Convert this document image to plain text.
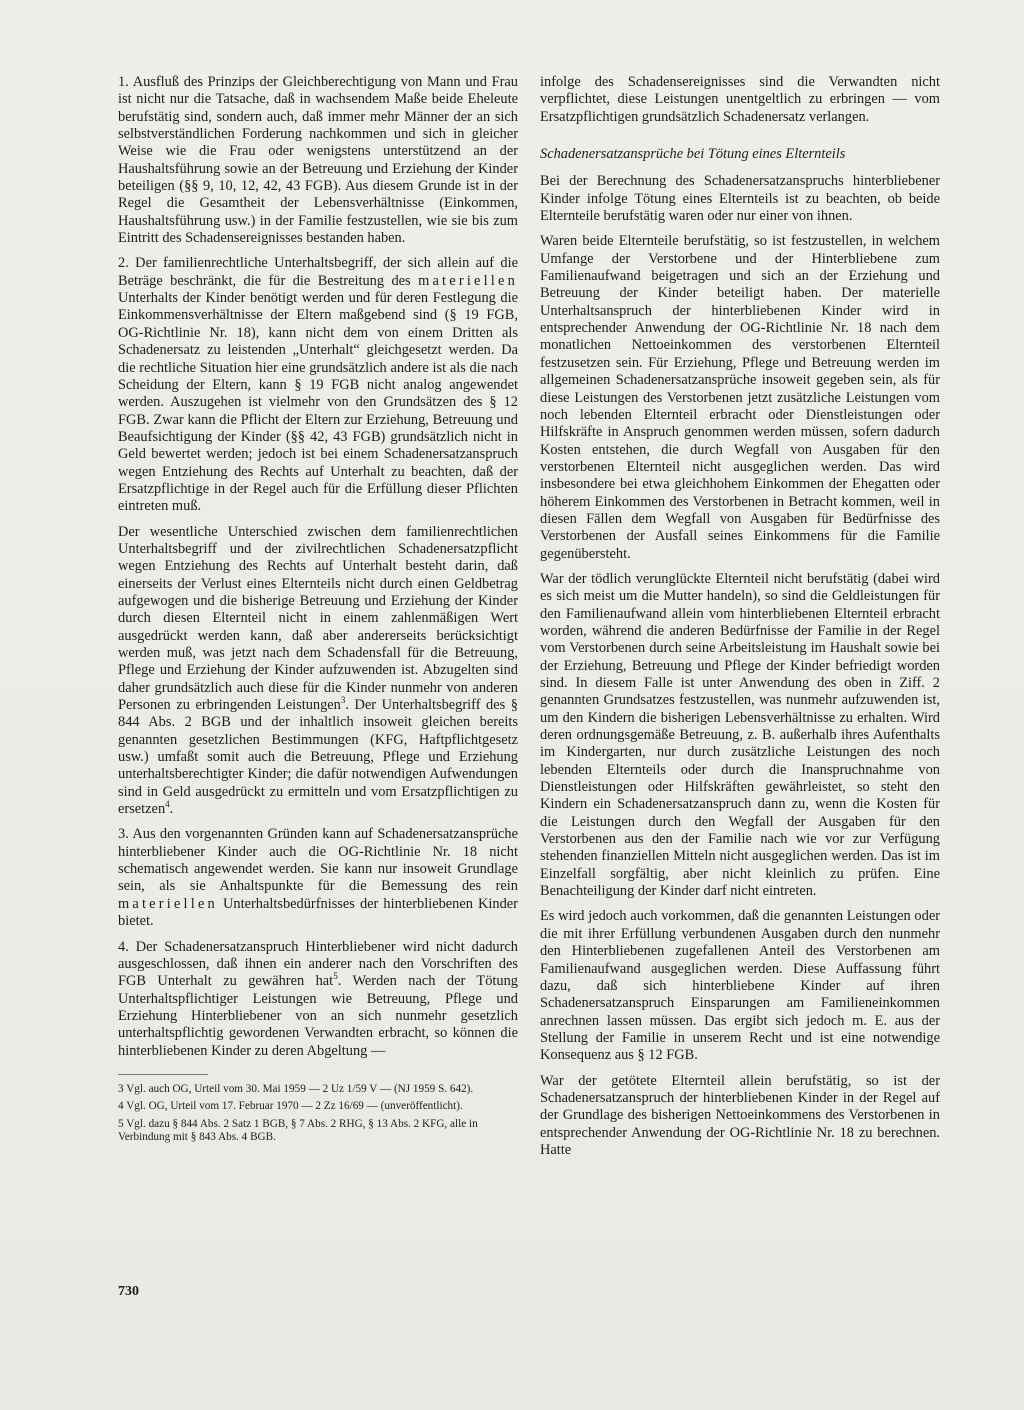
1. Ausfluß des Prinzips der Gleichberechtigung von Mann und Frau ist nicht nur die Tatsache, daß in wachsendem Maße beide Eheleute berufstätig sind, sondern auch, daß immer mehr Männer der an sich selbstverständlichen Forderung nachkommen und sich in gleicher Weise wie die Frau oder wenigstens unterstützend an der Haushaltsführung sowie an der Betreuung und Erziehung der Kinder beteiligen (§§ 9, 10, 12, 42, 43 FGB). Aus diesem Grunde ist in der Regel die Gesamtheit der Lebensverhältnisse (Einkommen, Haushaltsführung usw.) in der Familie festzustellen, wie sie bis zum Eintritt des Schadensereignisses bestanden haben.

2. Der familienrechtliche Unterhaltsbegriff, der sich allein auf die Beträge beschränkt, die für die Bestreitung des materiellen Unterhalts der Kinder benötigt werden und für deren Festlegung die Einkommensverhältnisse der Eltern maßgebend sind (§ 19 FGB, OG-Richtlinie Nr. 18), kann nicht dem von einem Dritten als Schadenersatz zu leistenden „Unterhalt“ gleichgesetzt werden. Da die rechtliche Situation hier eine grundsätzlich andere ist als die nach Scheidung der Eltern, kann § 19 FGB nicht analog angewendet werden. Auszugehen ist vielmehr von den Grundsätzen des § 12 FGB. Zwar kann die Pflicht der Eltern zur Erziehung, Betreuung und Beaufsichtigung der Kinder (§§ 42, 43 FGB) grundsätzlich nicht in Geld bewertet werden; jedoch ist bei einem Schadenersatzanspruch wegen Entziehung des Rechts auf Unterhalt zu beachten, daß der Ersatzpflichtige in der Regel auch für die Erfüllung dieser Pflichten eintreten muß.

Der wesentliche Unterschied zwischen dem familienrechtlichen Unterhaltsbegriff und der zivilrechtlichen Schadenersatzpflicht wegen Entziehung des Rechts auf Unterhalt besteht darin, daß einerseits der Verlust eines Elternteils nicht durch einen Geldbetrag aufgewogen und die bisherige Betreuung und Erziehung der Kinder durch diesen Elternteil nicht in einem zahlenmäßigen Wert ausgedrückt werden kann, daß aber andererseits berücksichtigt werden muß, was jetzt nach dem Schadensfall für die Betreuung, Pflege und Erziehung der Kinder aufzuwenden ist. Abzugelten sind daher grundsätzlich auch diese für die Kinder nunmehr von anderen Personen zu erbringenden Leistungen$^3$. Der Unterhaltsbegriff des § 844 Abs. 2 BGB und der inhaltlich insoweit gleichen bereits genannten gesetzlichen Bestimmungen (KFG, Haftpflichtgesetz usw.) umfaßt somit auch die Betreuung, Pflege und Erziehung unterhaltsberechtigter Kinder; die dafür notwendigen Aufwendungen sind in Geld ausgedrückt zu ermitteln und vom Ersatzpflichtigen zu ersetzen$^4$.

3. Aus den vorgenannten Gründen kann auf Schadenersatzansprüche hinterbliebener Kinder auch die OG-Richtlinie Nr. 18 nicht schematisch angewendet werden. Sie kann nur insoweit Grundlage sein, als sie Anhaltspunkte für die Bemessung des rein materiellen Unterhaltsbedürfnisses der hinterbliebenen Kinder bietet.

4. Der Schadenersatzanspruch Hinterbliebener wird nicht dadurch ausgeschlossen, daß ihnen ein anderer nach den Vorschriften des FGB Unterhalt zu gewähren hat$^5$. Werden nach der Tötung Unterhaltspflichtiger Leistungen wie Betreuung, Pflege und Erziehung Hinterbliebener von an sich nunmehr gesetzlich unterhaltspflichtig gewordenen Verwandten erbracht, so können die hinterbliebenen Kinder zu deren Abgeltung —

3 Vgl. auch OG, Urteil vom 30. Mai 1959 — 2 Uz 1/59 V — (NJ 1959 S. 642).

4 Vgl. OG, Urteil vom 17. Februar 1970 — 2 Zz 16/69 — (unveröffentlicht).

5 Vgl. dazu § 844 Abs. 2 Satz 1 BGB, § 7 Abs. 2 RHG, § 13 Abs. 2 KFG, alle in Verbindung mit § 843 Abs. 4 BGB.

infolge des Schadensereignisses sind die Verwandten nicht verpflichtet, diese Leistungen unentgeltlich zu erbringen — vom Ersatzpflichtigen grundsätzlich Schadenersatz verlangen.

Schadenersatzansprüche bei Tötung eines Elternteils

Bei der Berechnung des Schadenersatzanspruchs hinterbliebener Kinder infolge Tötung eines Elternteils ist zu beachten, ob beide Elternteile berufstätig waren oder nur einer von ihnen.

Waren beide Elternteile berufstätig, so ist festzustellen, in welchem Umfange der Verstorbene und der Hinterbliebene zum Familienaufwand beigetragen und sich an der Erziehung und Betreuung der Kinder beteiligt haben. Der materielle Unterhaltsanspruch der hinterbliebenen Kinder wird in entsprechender Anwendung der OG-Richtlinie Nr. 18 nach dem monatlichen Nettoeinkommen des verstorbenen Elternteil festzusetzen sein. Für Erziehung, Pflege und Betreuung werden im allgemeinen Schadenersatzansprüche insoweit gegeben sein, als für diese Leistungen des Verstorbenen jetzt zusätzliche Leistungen vom noch lebenden Elternteil erbracht oder Dienstleistungen oder Hilfskräfte in Anspruch genommen werden müssen, sofern dadurch Kosten entstehen, die durch Wegfall von Ausgaben für den verstorbenen Elternteil nicht ausgeglichen werden. Das wird insbesondere bei etwa gleichhohem Einkommen der Ehegatten oder höherem Einkommen des Verstorbenen in Betracht kommen, weil in diesen Fällen dem Wegfall von Ausgaben für Bedürfnisse des Verstorbenen der Ausfall seines Einkommens für die Familie gegenübersteht.

War der tödlich verunglückte Elternteil nicht berufstätig (dabei wird es sich meist um die Mutter handeln), so sind die Geldleistungen für den Familienaufwand allein vom hinterbliebenen Elternteil erbracht worden, während die anderen Bedürfnisse der Familie in der Regel vom Verstorbenen durch seine Arbeitsleistung im Haushalt sowie bei der Erziehung, Betreuung und Pflege der Kinder befriedigt worden sind. In diesem Falle ist unter Anwendung des oben in Ziff. 2 genannten Grundsatzes festzustellen, was nunmehr aufzuwenden ist, um den Kindern die bisherigen Lebensverhältnisse zu erhalten. Wird deren ordnungsgemäße Betreuung, z. B. außerhalb ihres Aufenthalts im Kindergarten, nur durch zusätzliche Leistungen des noch lebenden Elternteils oder durch die Inanspruchnahme von Dienstleistungen oder Hilfskräften gewährleistet, so steht den Kindern ein Schadenersatzanspruch dann zu, wenn die Kosten für die Leistungen durch den Wegfall der Ausgaben für den Verstorbenen aus den der Familie nach wie vor zur Verfügung stehenden finanziellen Mitteln nicht ausgeglichen werden. Das ist im Einzelfall sorgfältig, aber nicht kleinlich zu prüfen. Eine Benachteiligung der Kinder darf nicht eintreten.

Es wird jedoch auch vorkommen, daß die genannten Leistungen oder die mit ihrer Erfüllung verbundenen Ausgaben durch den nunmehr den Hinterbliebenen zugefallenen Anteil des Verstorbenen am Familienaufwand ausgeglichen werden. Diese Auffassung führt dazu, daß sich hinterbliebene Kinder auf ihren Schadenersatzanspruch Einsparungen am Familieneinkommen anrechnen lassen müssen. Das ergibt sich jedoch m. E. aus der Stellung der Familie in unserem Recht und ist eine notwendige Konsequenz aus § 12 FGB.

War der getötete Elternteil allein berufstätig, so ist der Schadenersatzanspruch der hinterbliebenen Kinder in der Regel auf der Grundlage des bisherigen Nettoeinkommens des Verstorbenen in entsprechender Anwendung der OG-Richtlinie Nr. 18 zu berechnen. Hatte

730
